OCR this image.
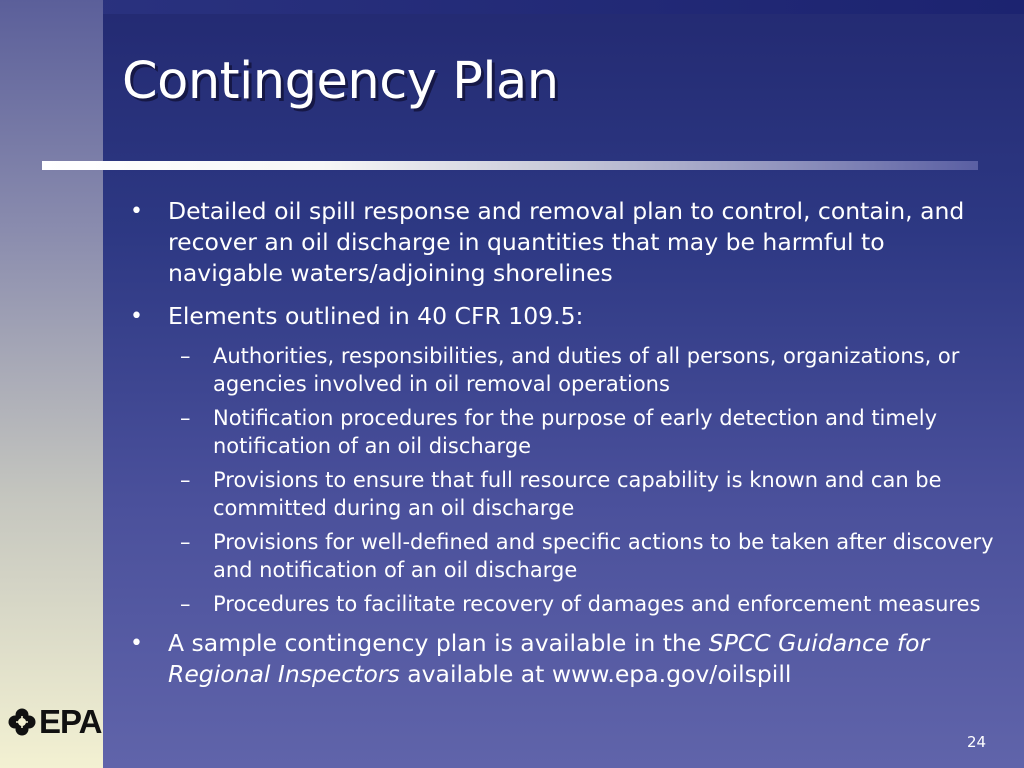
Contingency Plan
• Detailed oil spill response and removal plan to control, contain, and recover an oil discharge in quantities that may be harmful to navigable waters/adjoining shorelines
• Elements outlined in 40 CFR 109.5:
– Authorities, responsibilities, and duties of all persons, organizations, or agencies involved in oil removal operations
– Notification procedures for the purpose of early detection and timely notification of an oil discharge
– Provisions to ensure that full resource capability is known and can be committed during an oil discharge
– Provisions for well-defined and specific actions to be taken after discovery and notification of an oil discharge
– Procedures to facilitate recovery of damages and enforcement measures
• A sample contingency plan is available in the SPCC Guidance for Regional Inspectors available at www.epa.gov/oilspill
EPA
24
